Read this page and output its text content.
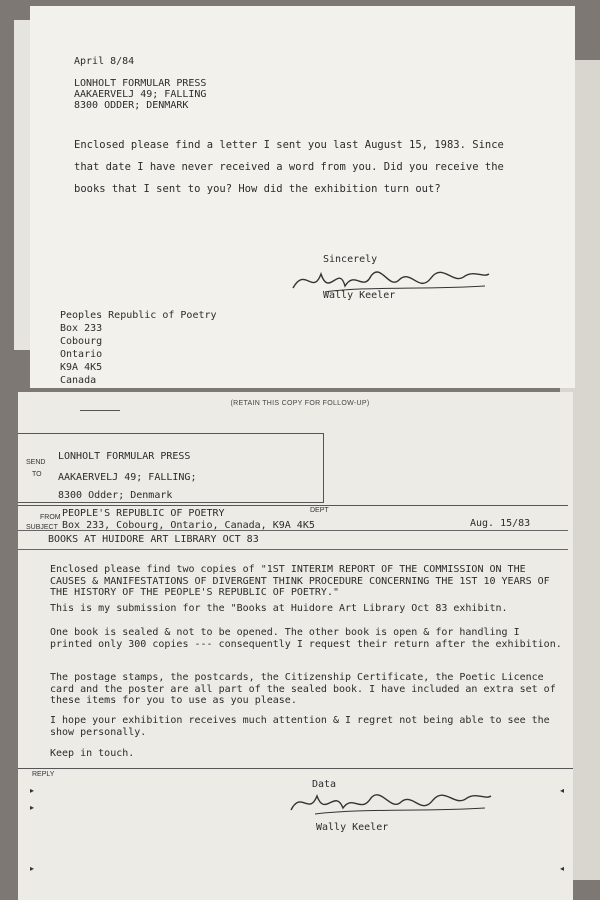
April 8/84
LONHOLT FORMULAR PRESS
AAKAERVELJ 49; FALLING
8300 ODDER; DENMARK
Enclosed please find a letter I sent you last August 15, 1983. Since that date I have never received a word from you. Did you receive the books that I sent to you? How did the exhibition turn out?
Sincerely
Wally Keeler
Peoples Republic of Poetry
Box 233
Cobourg
Ontario
K9A 4K5
Canada
(RETAIN THIS COPY FOR FOLLOW-UP)
SEND
TO
LONHOLT FORMULAR PRESS
AAKAERVELJ 49; FALLING;
8300 Odder; Denmark
FROM
DEPT
PEOPLE'S REPUBLIC OF POETRY
Box 233, Cobourg, Ontario, Canada, K9A 4K5	Aug. 15/83
SUBJECT
BOOKS AT HUIDORE ART LIBRARY OCT 83
Enclosed please find two copies of "1ST INTERIM REPORT OF THE COMMISSION ON THE CAUSES & MANIFESTATIONS OF DIVERGENT THINK PROCEDURE CONCERNING THE 1ST 10 YEARS OF THE HISTORY OF THE PEOPLE'S REPUBLIC OF POETRY."
This is my submission for the "Books at Huidore Art Library Oct 83 exhibitn.
One book is sealed & not to be opened. The other book is open & for handling I printed only 300 copies --- consequently I request their return after the exhibition.
The postage stamps, the postcards, the Citizenship Certificate, the Poetic Licence card and the poster are all part of the sealed book. I have included an extra set of these items for you to use as you please.
I hope your exhibition receives much attention & I regret not being able to see the show personally.
Keep in touch.
REPLY
▸
▸
▸
◂
◂
Data
Wally Keeler
